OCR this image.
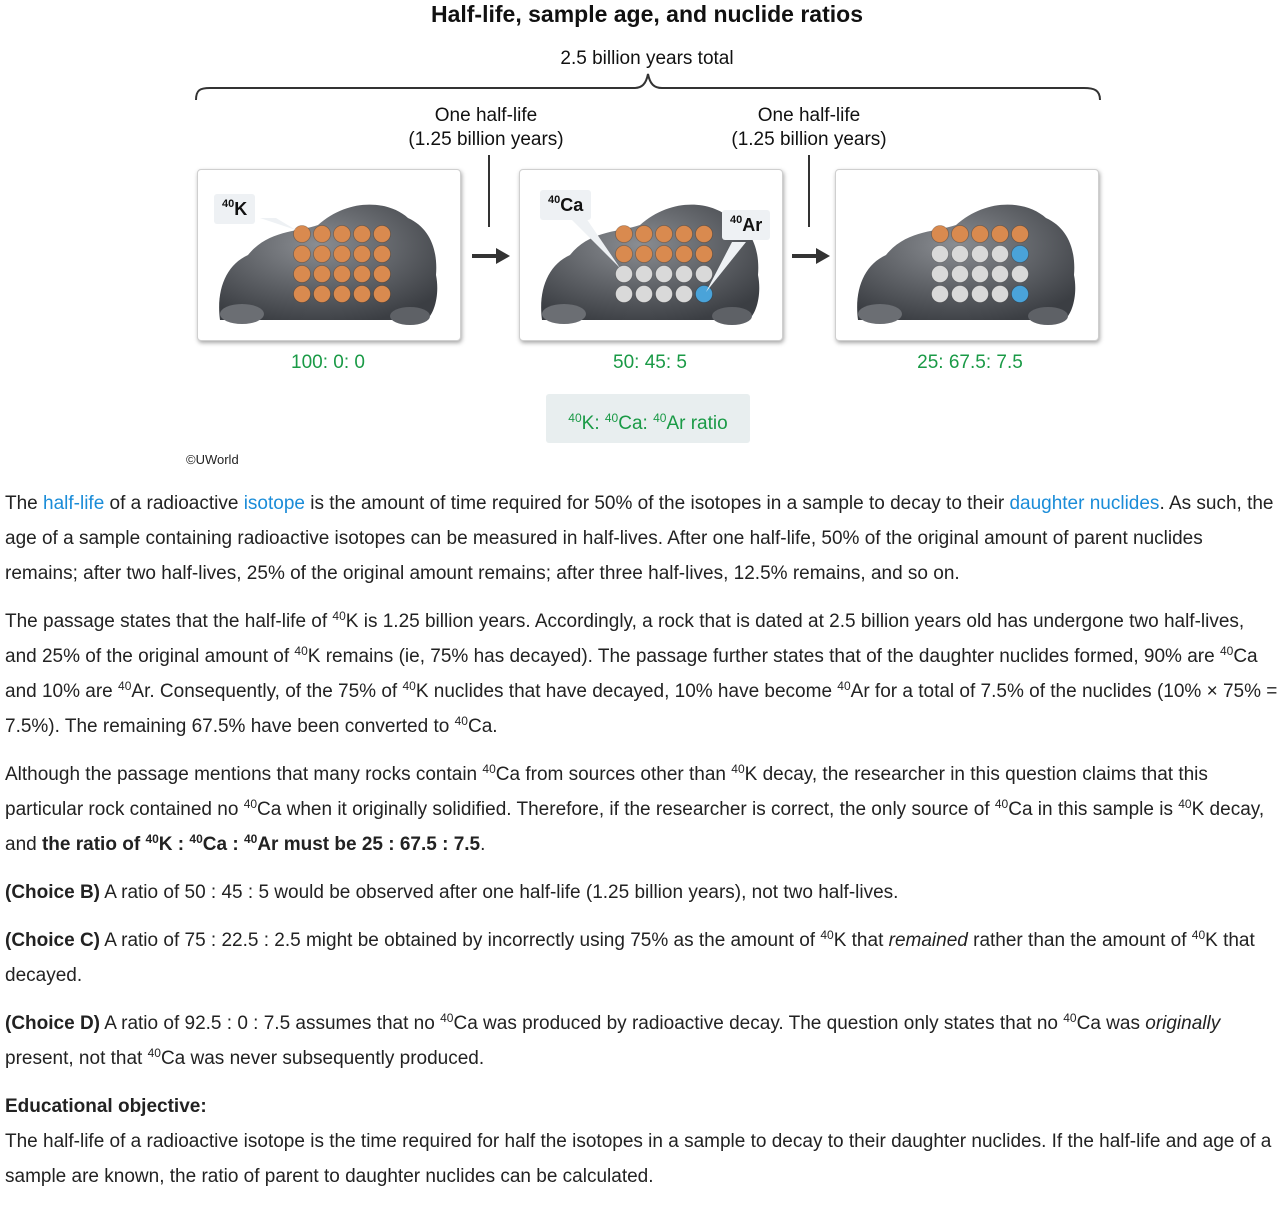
Half-life, sample age, and nuclide ratios
2.5 billion years total
One half-life
(1.25 billion years)
One half-life
(1.25 billion years)
$^{40}$K	$^{40}$Ca
$^{40}$Ar
100: 0: 0	50: 45: 5	25: 67.5: 7.5
$^{40}$K: $^{40}$Ca: $^{40}$Ar ratio
©UWorld

The half-life of a radioactive isotope is the amount of time required for 50% of the isotopes in a sample to decay to their daughter nuclides. As such, the age of a sample containing radioactive isotopes can be measured in half-lives. After one half-life, 50% of the original amount of parent nuclides remains; after two half-lives, 25% of the original amount remains; after three half-lives, 12.5% remains, and so on.

The passage states that the half-life of $^{40}$K is 1.25 billion years. Accordingly, a rock that is dated at 2.5 billion years old has undergone two half-lives, and 25% of the original amount of $^{40}$K remains (ie, 75% has decayed). The passage further states that of the daughter nuclides formed, 90% are $^{40}$Ca and 10% are $^{40}$Ar. Consequently, of the 75% of $^{40}$K nuclides that have decayed, 10% have become $^{40}$Ar for a total of 7.5% of the nuclides (10% × 75% = 7.5%). The remaining 67.5% have been converted to $^{40}$Ca.

Although the passage mentions that many rocks contain $^{40}$Ca from sources other than $^{40}$K decay, the researcher in this question claims that this particular rock contained no $^{40}$Ca when it originally solidified. Therefore, if the researcher is correct, the only source of $^{40}$Ca in this sample is $^{40}$K decay, and the ratio of $^{40}$K : $^{40}$Ca : $^{40}$Ar must be 25 : 67.5 : 7.5.

(Choice B) A ratio of 50 : 45 : 5 would be observed after one half-life (1.25 billion years), not two half-lives.

(Choice C) A ratio of 75 : 22.5 : 2.5 might be obtained by incorrectly using 75% as the amount of $^{40}$K that remained rather than the amount of $^{40}$K that decayed.

(Choice D) A ratio of 92.5 : 0 : 7.5 assumes that no $^{40}$Ca was produced by radioactive decay. The question only states that no $^{40}$Ca was originally present, not that $^{40}$Ca was never subsequently produced.

Educational objective:

The half-life of a radioactive isotope is the time required for half the isotopes in a sample to decay to their daughter nuclides. If the half-life and age of a sample are known, the ratio of parent to daughter nuclides can be calculated.
